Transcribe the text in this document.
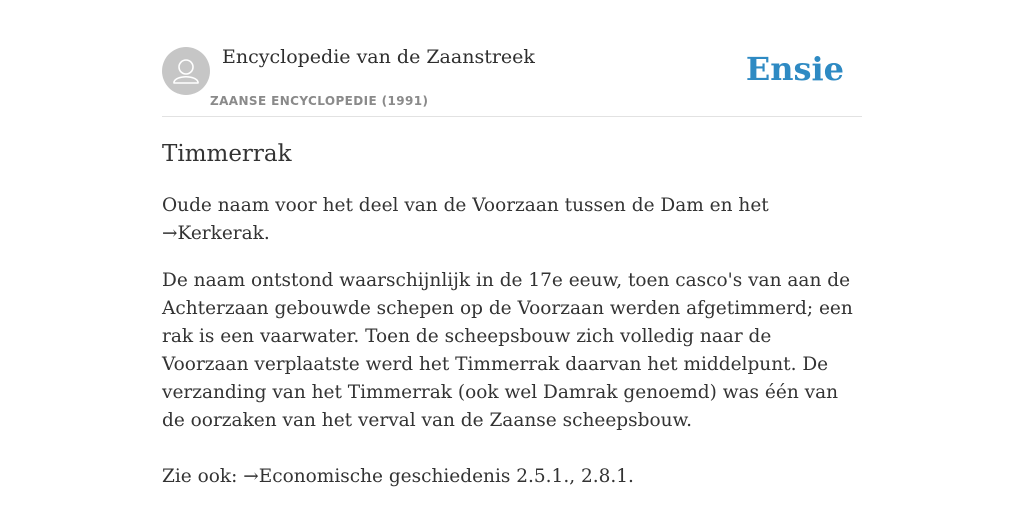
Encyclopedie van de Zaanstreek
ZAANSE ENCYCLOPEDIE (1991)
Ensie
Timmerrak

Oude naam voor het deel van de Voorzaan tussen de Dam en het →Kerkerak.

De naam ontstond waarschijnlijk in de 17e eeuw, toen casco's van aan de Achterzaan gebouwde schepen op de Voorzaan werden afgetimmerd; een rak is een vaarwater. Toen de scheepsbouw zich volledig naar de Voorzaan verplaatste werd het Timmerrak daarvan het middelpunt. De verzanding van het Timmerrak (ook wel Damrak genoemd) was één van de oorzaken van het verval van de Zaanse scheepsbouw.

Zie ook: →Economische geschiedenis 2.5.1., 2.8.1.
